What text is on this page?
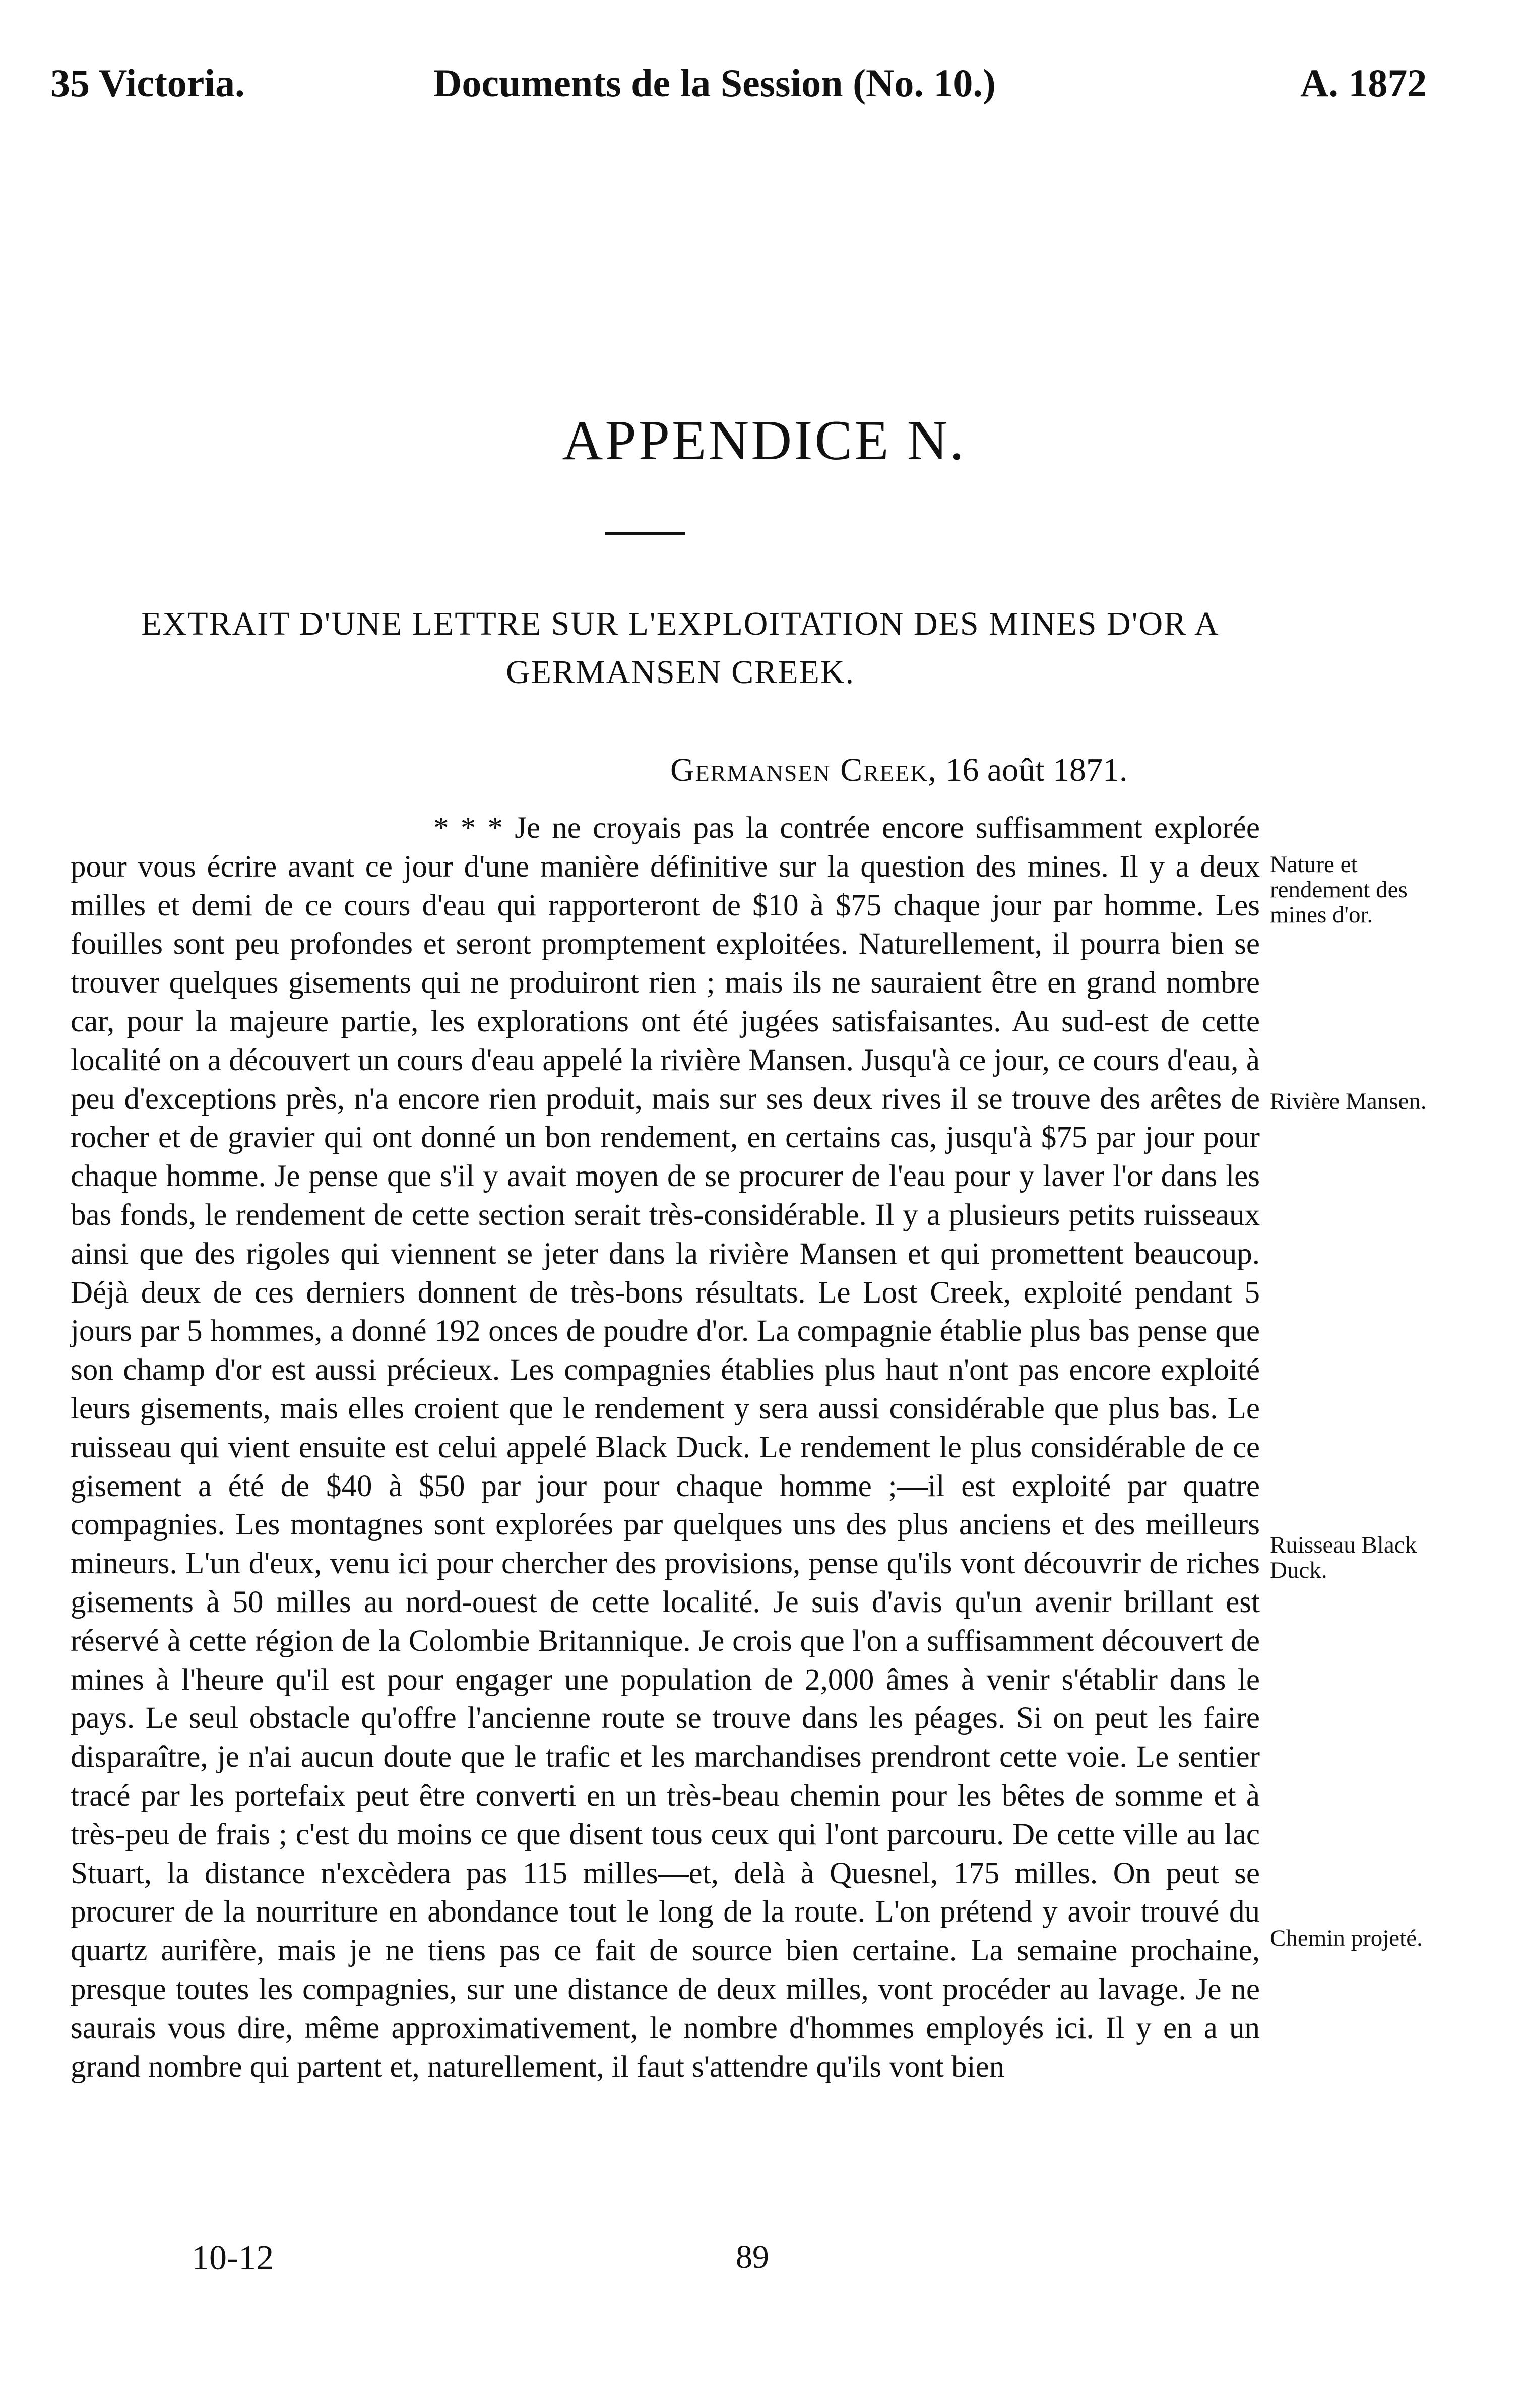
35 Victoria.	Documents de la Session (No. 10.)	A. 1872
APPENDICE N.
EXTRAIT D'UNE LETTRE SUR L'EXPLOITATION DES MINES D'OR A GERMANSEN CREEK.
Germansen Creek, 16 août 1871.
* * * Je ne croyais pas la contrée encore suffisamment explorée pour vous écrire avant ce jour d'une manière définitive sur la question des mines. Il y a deux milles et demi de ce cours d'eau qui rapporteront de $10 à $75 chaque jour par homme. Les fouilles sont peu profondes et seront promptement exploitées. Naturellement, il pourra bien se trouver quelques gisements qui ne produiront rien ; mais ils ne sauraient être en grand nombre car, pour la majeure partie, les explorations ont été jugées satisfaisantes. Au sud-est de cette localité on a découvert un cours d'eau appelé la rivière Mansen. Jusqu'à ce jour, ce cours d'eau, à peu d'exceptions près, n'a encore rien produit, mais sur ses deux rives il se trouve des arêtes de rocher et de gravier qui ont donné un bon rendement, en certains cas, jusqu'à $75 par jour pour chaque homme. Je pense que s'il y avait moyen de se procurer de l'eau pour y laver l'or dans les bas fonds, le rendement de cette section serait très-considérable. Il y a plusieurs petits ruisseaux ainsi que des rigoles qui viennent se jeter dans la rivière Mansen et qui promettent beaucoup. Déjà deux de ces derniers donnent de très-bons résultats. Le Lost Creek, exploité pendant 5 jours par 5 hommes, a donné 192 onces de poudre d'or. La compagnie établie plus bas pense que son champ d'or est aussi précieux. Les compagnies établies plus haut n'ont pas encore exploité leurs gisements, mais elles croient que le rendement y sera aussi considérable que plus bas. Le ruisseau qui vient ensuite est celui appelé Black Duck. Le rendement le plus considérable de ce gisement a été de $40 à $50 par jour pour chaque homme ;—il est exploité par quatre compagnies. Les montagnes sont explorées par quelques uns des plus anciens et des meilleurs mineurs. L'un d'eux, venu ici pour chercher des provisions, pense qu'ils vont découvrir de riches gisements à 50 milles au nord-ouest de cette localité. Je suis d'avis qu'un avenir brillant est réservé à cette région de la Colombie Britannique. Je crois que l'on a suffisamment découvert de mines à l'heure qu'il est pour engager une population de 2,000 âmes à venir s'établir dans le pays. Le seul obstacle qu'offre l'ancienne route se trouve dans les péages. Si on peut les faire disparaître, je n'ai aucun doute que le trafic et les marchandises prendront cette voie. Le sentier tracé par les portefaix peut être converti en un très-beau chemin pour les bêtes de somme et à très-peu de frais ; c'est du moins ce que disent tous ceux qui l'ont parcouru. De cette ville au lac Stuart, la distance n'excèdera pas 115 milles—et, delà à Quesnel, 175 milles. On peut se procurer de la nourriture en abondance tout le long de la route. L'on prétend y avoir trouvé du quartz aurifère, mais je ne tiens pas ce fait de source bien certaine. La semaine prochaine, presque toutes les compagnies, sur une distance de deux milles, vont procéder au lavage. Je ne saurais vous dire, même approximativement, le nombre d'hommes employés ici. Il y en a un grand nombre qui partent et, naturellement, il faut s'attendre qu'ils vont bien
Nature et rendement des mines d'or.
Rivière Mansen.
Ruisseau Black Duck.
Chemin projeté.
10-12	89
